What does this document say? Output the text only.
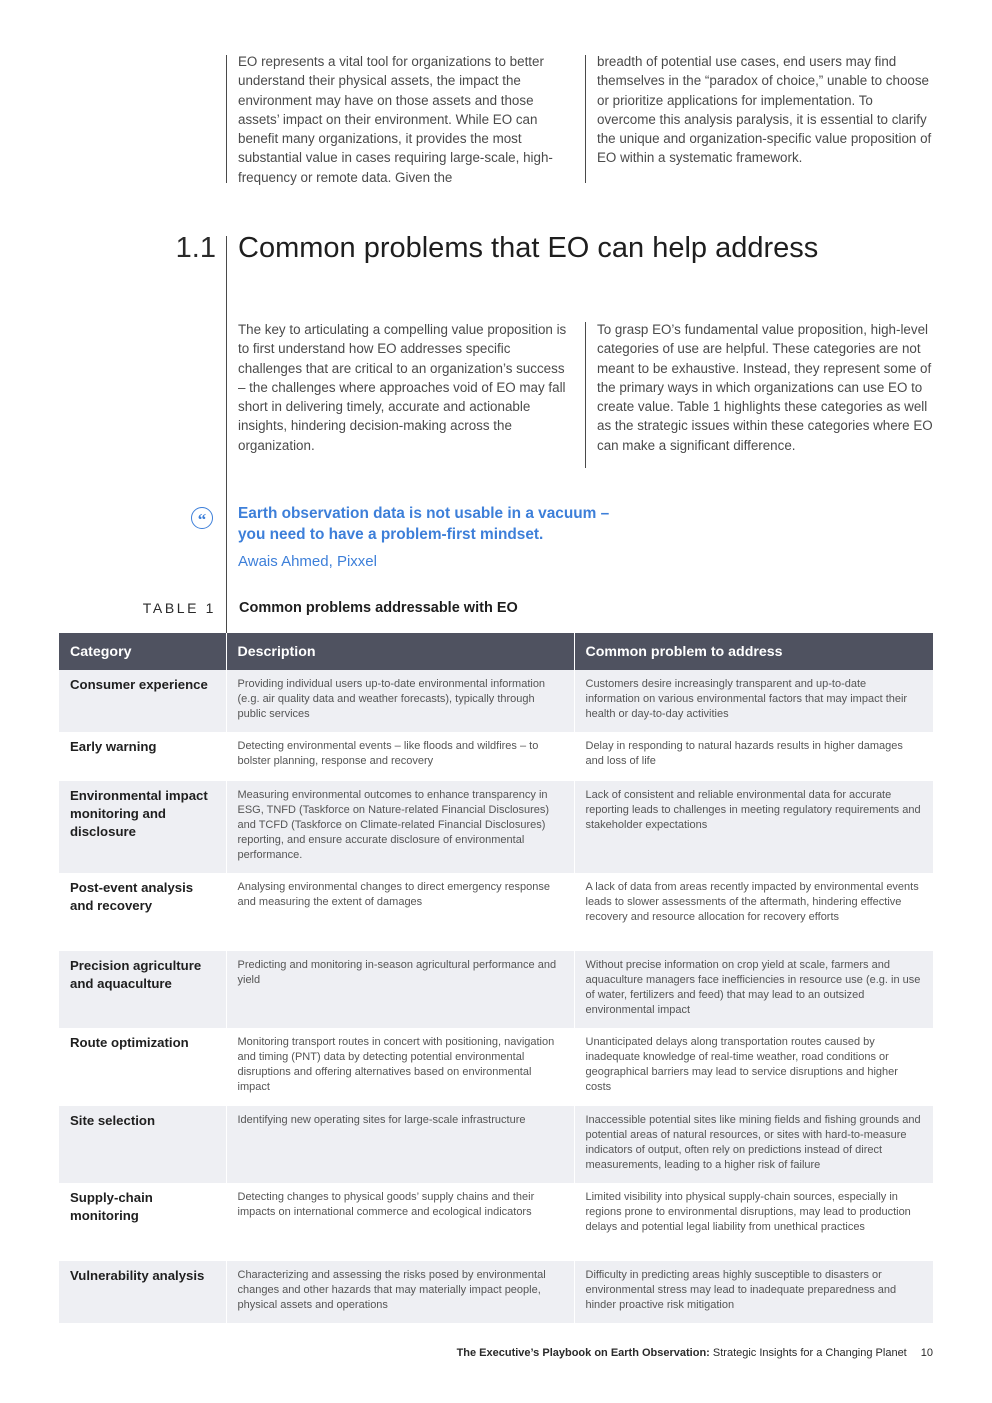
EO represents a vital tool for organizations to better understand their physical assets, the impact the environment may have on those assets and those assets’ impact on their environment. While EO can benefit many organizations, it provides the most substantial value in cases requiring large-scale, high-frequency or remote data. Given the

breadth of potential use cases, end users may find themselves in the “paradox of choice,” unable to choose or prioritize applications for implementation. To overcome this analysis paralysis, it is essential to clarify the unique and organization-specific value proposition of EO within a systematic framework.

1.1 Common problems that EO can help address

The key to articulating a compelling value proposition is to first understand how EO addresses specific challenges that are critical to an organization’s success – the challenges where approaches void of EO may fall short in delivering timely, accurate and actionable insights, hindering decision-making across the organization.

To grasp EO’s fundamental value proposition, high-level categories of use are helpful. These categories are not meant to be exhaustive. Instead, they represent some of the primary ways in which organizations can use EO to create value. Table 1 highlights these categories as well as the strategic issues within these categories where EO can make a significant difference.

“	Earth observation data is not usable in a vacuum –
you need to have a problem-first mindset.

Awais Ahmed, Pixxel
TABLE 1 Common problems addressable with EO
Category	Description	Common problem to address
Consumer experience	Providing individual users up-to-date environmental information (e.g. air quality data and weather forecasts), typically through public services	Customers desire increasingly transparent and up-to-date information on various environmental factors that may impact their health or day-to-day activities
Early warning	Detecting environmental events – like floods and wildfires – to bolster planning, response and recovery	Delay in responding to natural hazards results in higher damages and loss of life
Environmental impact monitoring and disclosure	Measuring environmental outcomes to enhance transparency in ESG, TNFD (Taskforce on Nature-related Financial Disclosures) and TCFD (Taskforce on Climate-related Financial Disclosures) reporting, and ensure accurate disclosure of environmental performance.	Lack of consistent and reliable environmental data for accurate reporting leads to challenges in meeting regulatory requirements and stakeholder expectations
Post-event analysis and recovery	Analysing environmental changes to direct emergency response and measuring the extent of damages	A lack of data from areas recently impacted by environmental events leads to slower assessments of the aftermath, hindering effective recovery and resource allocation for recovery efforts
Precision agriculture and aquaculture	Predicting and monitoring in-season agricultural performance and yield	Without precise information on crop yield at scale, farmers and aquaculture managers face inefficiencies in resource use (e.g. in use of water, fertilizers and feed) that may lead to an outsized environmental impact
Route optimization	Monitoring transport routes in concert with positioning, navigation and timing (PNT) data by detecting potential environmental disruptions and offering alternatives based on environmental impact	Unanticipated delays along transportation routes caused by inadequate knowledge of real-time weather, road conditions or geographical barriers may lead to service disruptions and higher costs
Site selection	Identifying new operating sites for large-scale infrastructure	Inaccessible potential sites like mining fields and fishing grounds and potential areas of natural resources, or sites with hard-to-measure indicators of output, often rely on predictions instead of direct measurements, leading to a higher risk of failure
Supply-chain monitoring	Detecting changes to physical goods’ supply chains and their impacts on international commerce and ecological indicators	Limited visibility into physical supply-chain sources, especially in regions prone to environmental disruptions, may lead to production delays and potential legal liability from unethical practices
Vulnerability analysis	Characterizing and assessing the risks posed by environmental changes and other hazards that may materially impact people, physical assets and operations	Difficulty in predicting areas highly susceptible to disasters or environmental stress may lead to inadequate preparedness and hinder proactive risk mitigation
The Executive’s Playbook on Earth Observation: Strategic Insights for a Changing Planet 10
